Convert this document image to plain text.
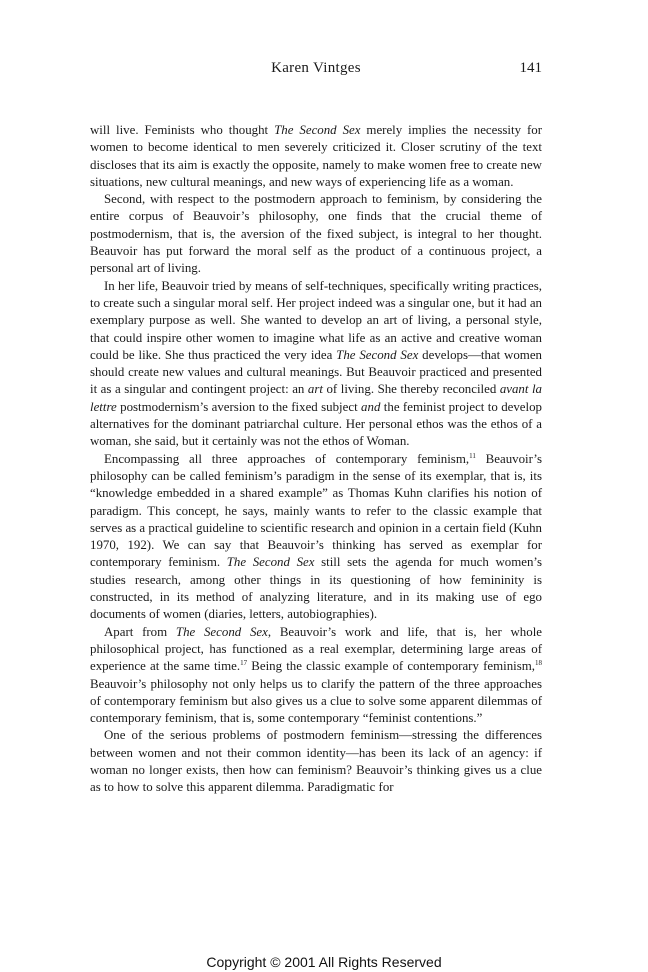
Karen Vintges	141

will live. Feminists who thought The Second Sex merely implies the necessity for women to become identical to men severely criticized it. Closer scrutiny of the text discloses that its aim is exactly the opposite, namely to make women free to create new situations, new cultural meanings, and new ways of experiencing life as a woman.

Second, with respect to the postmodern approach to feminism, by considering the entire corpus of Beauvoir’s philosophy, one finds that the crucial theme of postmodernism, that is, the aversion of the fixed subject, is integral to her thought. Beauvoir has put forward the moral self as the product of a continuous project, a personal art of living.

In her life, Beauvoir tried by means of self-techniques, specifically writing practices, to create such a singular moral self. Her project indeed was a singular one, but it had an exemplary purpose as well. She wanted to develop an art of living, a personal style, that could inspire other women to imagine what life as an active and creative woman could be like. She thus practiced the very idea The Second Sex develops—that women should create new values and cultural meanings. But Beauvoir practiced and presented it as a singular and contingent project: an art of living. She thereby reconciled avant la lettre postmodernism’s aversion to the fixed subject and the feminist project to develop alternatives for the dominant patriarchal culture. Her personal ethos was the ethos of a woman, she said, but it certainly was not the ethos of Woman.

Encompassing all three approaches of contemporary feminism,$^{11}$ Beauvoir’s philosophy can be called feminism’s paradigm in the sense of its exemplar, that is, its “knowledge embedded in a shared example” as Thomas Kuhn clarifies his notion of paradigm. This concept, he says, mainly wants to refer to the classic example that serves as a practical guideline to scientific research and opinion in a certain field (Kuhn 1970, 192). We can say that Beauvoir’s thinking has served as exemplar for contemporary feminism. The Second Sex still sets the agenda for much women’s studies research, among other things in its questioning of how femininity is constructed, in its method of analyzing literature, and in its making use of ego documents of women (diaries, letters, autobiographies).

Apart from The Second Sex, Beauvoir’s work and life, that is, her whole philosophical project, has functioned as a real exemplar, determining large areas of experience at the same time.$^{17}$ Being the classic example of contemporary feminism,$^{18}$ Beauvoir’s philosophy not only helps us to clarify the pattern of the three approaches of contemporary feminism but also gives us a clue to solve some apparent dilemmas of contemporary feminism, that is, some contemporary “feminist contentions.”

One of the serious problems of postmodern feminism—stressing the differences between women and not their common identity—has been its lack of an agency: if woman no longer exists, then how can feminism? Beauvoir’s thinking gives us a clue as to how to solve this apparent dilemma. Paradigmatic for

Copyright © 2001 All Rights Reserved
